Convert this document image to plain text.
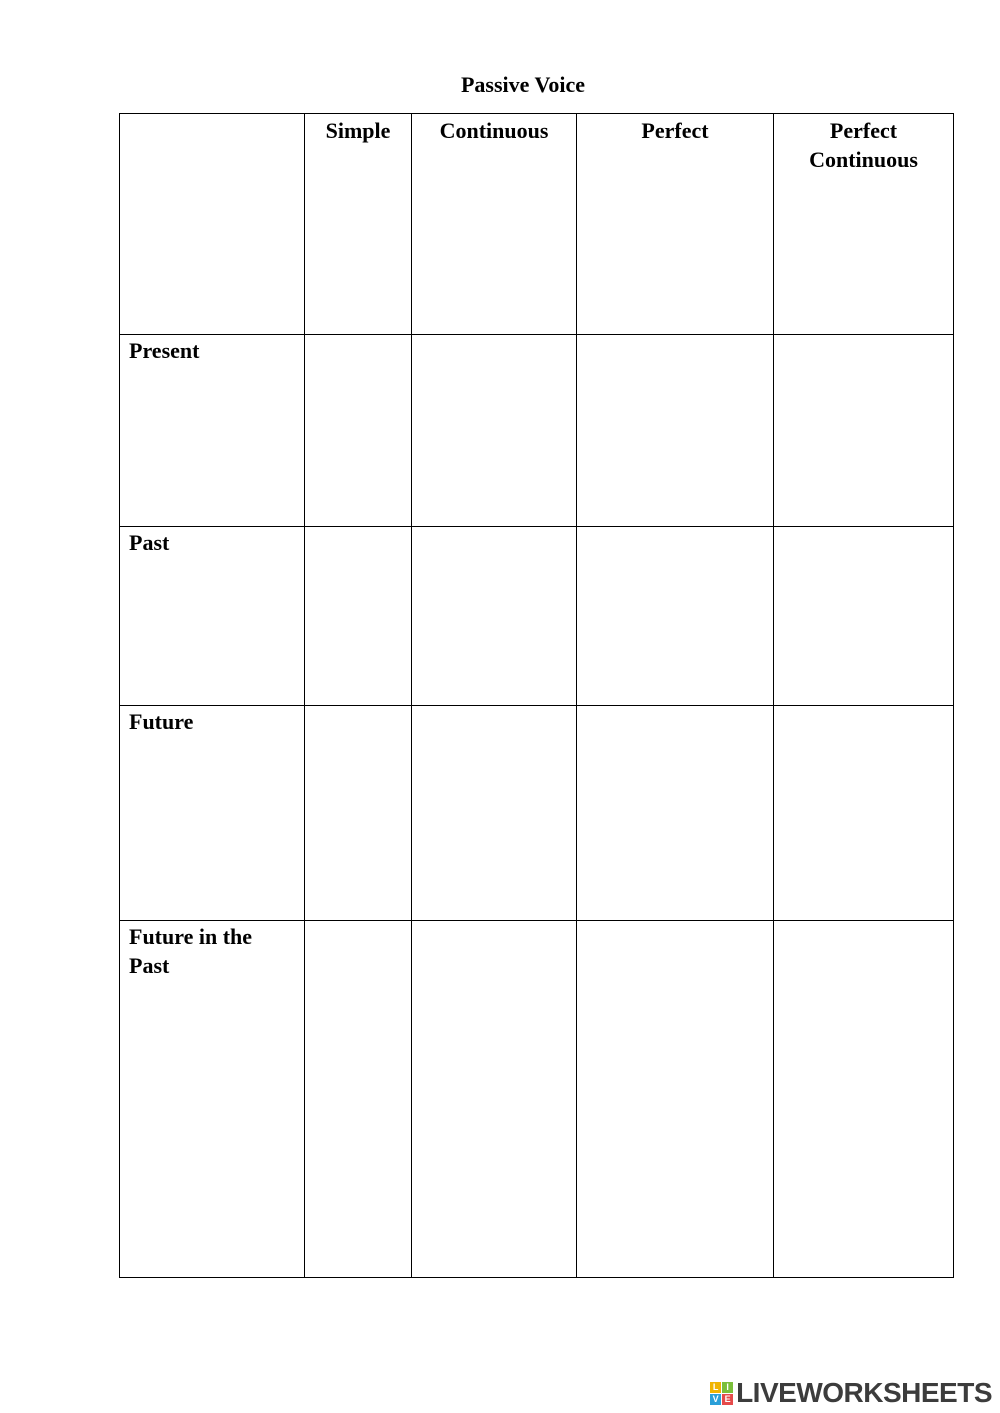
Passive Voice
	Simple	Continuous	Perfect	Perfect Continuous
Present				
Past				
Future				
Future in the Past				
L I
V E LIVEWORKSHEETS
